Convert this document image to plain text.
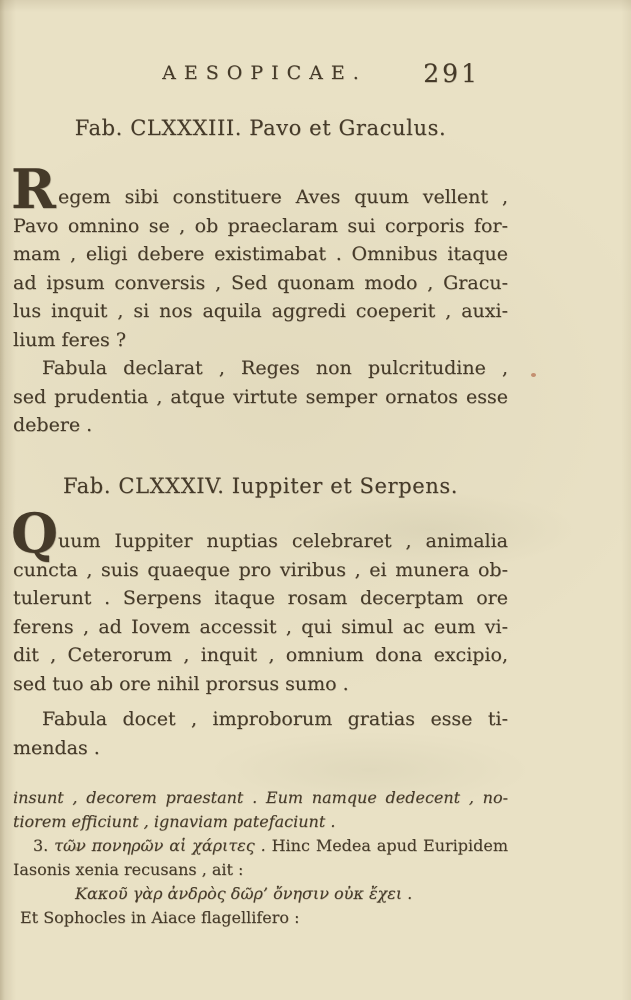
AESOPICAE.	291
Fab. CLXXXIII. Pavo et Graculus.
R egem sibi constituere Aves quum vellent ,
Pavo omnino se , ob praeclaram sui corporis for-
mam , eligi debere existimabat . Omnibus itaque
ad ipsum conversis , Sed quonam modo , Gracu-
lus inquit , si nos aquila aggredi coeperit , auxi-
lium feres ?
Fabula declarat , Reges non pulcritudine ,
sed prudentia , atque virtute semper ornatos esse
debere .
Fab. CLXXXIV. Iuppiter et Serpens.
Q uum Iuppiter nuptias celebraret , animalia
cuncta , suis quaeque pro viribus , ei munera ob-
tulerunt . Serpens itaque rosam decerptam ore
ferens , ad Iovem accessit , qui simul ac eum vi-
dit , Ceterorum , inquit , omnium dona excipio,
sed tuo ab ore nihil prorsus sumo .
Fabula docet , improborum gratias esse ti-
mendas .
insunt , decorem praestant . Eum namque dedecent , no-
tiorem efficiunt , ignaviam patefaciunt .
3. τῶν πονηρῶν αἱ χάριτες . Hinc Medea apud Euripidem
Iasonis xenia recusans , ait :
Κακοῦ γὰρ ἀνδρὸς δῶρ’ ὄνησιν οὐκ ἔχει .
Et Sophocles in Aiace flagellifero :
